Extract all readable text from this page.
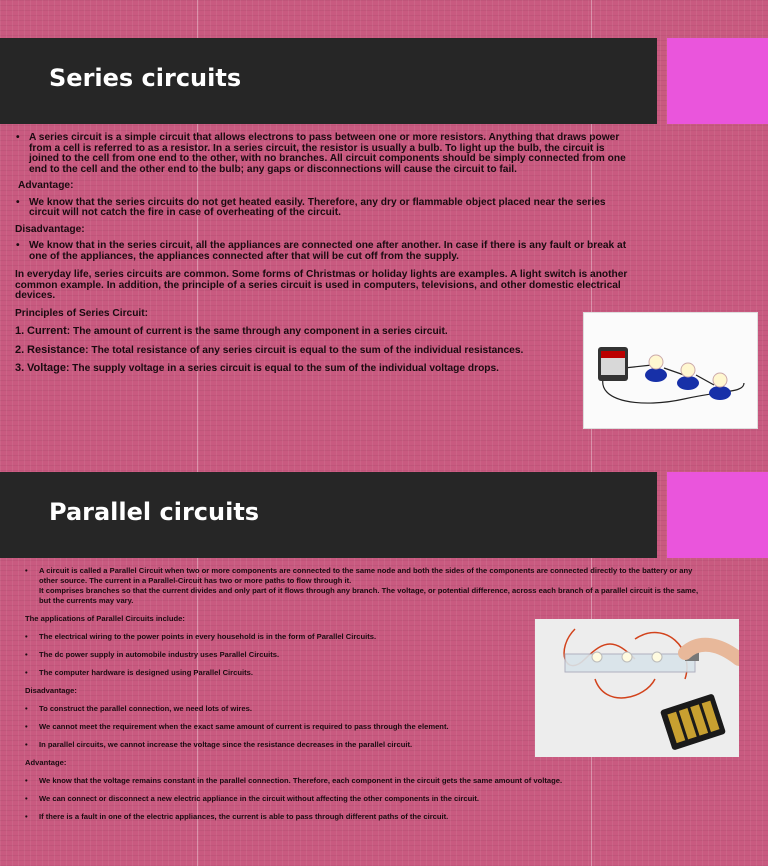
Series circuits

• A series circuit is a simple circuit that allows electrons to pass between one or more resistors. Anything that draws power from a cell is referred to as a resistor. In a series circuit, the resistor is usually a bulb. To light up the bulb, the circuit is joined to the cell from one end to the other, with no branches. All circuit components should be simply connected from one end to the cell and the other end to the bulb; any gaps or disconnections will cause the circuit to fail.

Advantage:

• We know that the series circuits do not get heated easily. Therefore, any dry or flammable object placed near the series circuit will not catch the fire in case of overheating of the circuit.

Disadvantage:

• We know that in the series circuit, all the appliances are connected one after another. In case if there is any fault or break at one of the appliances, the appliances connected after that will be cut off from the supply.

In everyday life, series circuits are common. Some forms of Christmas or holiday lights are examples. A light switch is another common example. In addition, the principle of a series circuit is used in computers, televisions, and other domestic electrical devices.

Principles of Series Circuit:

1. Current: The amount of current is the same through any component in a series circuit.
2. Resistance: The total resistance of any series circuit is equal to the sum of the individual resistances.
3. Voltage: The supply voltage in a series circuit is equal to the sum of the individual voltage drops.
Parallel circuits
• A circuit is called a Parallel Circuit when two or more components are connected to the same node and both the sides of the components are connected directly to the battery or any other source. The current in a Parallel-Circuit has two or more paths to flow through it.
It comprises branches so that the current divides and only part of it flows through any branch. The voltage, or potential difference, across each branch of a parallel circuit is the same, but the currents may vary.

The applications of Parallel Circuits include:

• The electrical wiring to the power points in every household is in the form of Parallel Circuits.

• The dc power supply in automobile industry uses Parallel Circuits.

• The computer hardware is designed using Parallel Circuits.

Disadvantage:

• To construct the parallel connection, we need lots of wires.

• We cannot meet the requirement when the exact same amount of current is required to pass through the element.

• In parallel circuits, we cannot increase the voltage since the resistance decreases in the parallel circuit.

Advantage:

• We know that the voltage remains constant in the parallel connection. Therefore, each component in the circuit gets the same amount of voltage.

• We can connect or disconnect a new electric appliance in the circuit without affecting the other components in the circuit.

• If there is a fault in one of the electric appliances, the current is able to pass through different paths of the circuit.
